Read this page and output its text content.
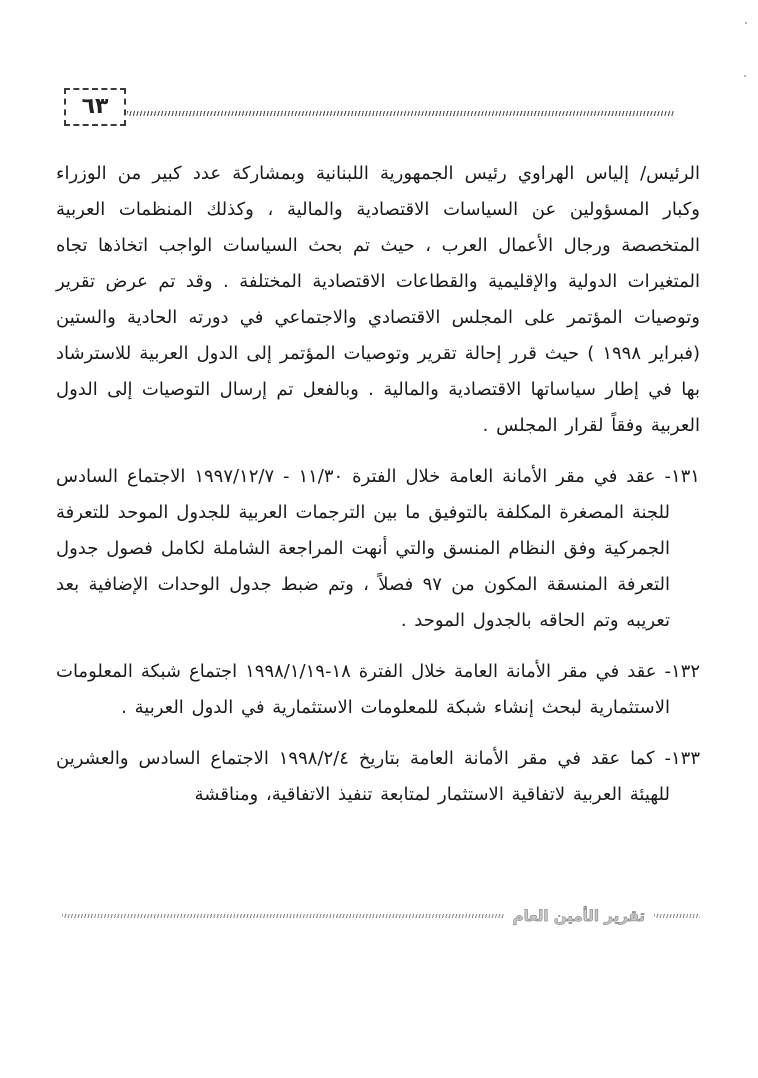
٦٣

الرئيس/ إلياس الهراوي رئيس الجمهورية اللبنانية وبمشاركة عدد كبير من الوزراء وكبار المسؤولين عن السياسات الاقتصادية والمالية ، وكذلك المنظمات العربية المتخصصة ورجال الأعمال العرب ، حيث تم بحث السياسات الواجب اتخاذها تجاه المتغيرات الدولية والإقليمية والقطاعات الاقتصادية المختلفة . وقد تم عرض تقرير وتوصيات المؤتمر على المجلس الاقتصادي والاجتماعي في دورته الحادية والستين (فبراير ١٩٩٨ ) حيث قرر إحالة تقرير وتوصيات المؤتمر إلى الدول العربية للاسترشاد بها في إطار سياساتها الاقتصادية والمالية . وبالفعل تم إرسال التوصيات إلى الدول العربية وفقاً لقرار المجلس .

١٣١- عقد في مقر الأمانة العامة خلال الفترة ١١/٣٠ - ١٩٩٧/١٢/٧ الاجتماع السادس للجنة المصغرة المكلفة بالتوفيق ما بين الترجمات العربية للجدول الموحد للتعرفة الجمركية وفق النظام المنسق والتي أنهت المراجعة الشاملة لكامل فصول جدول التعرفة المنسقة المكون من ٩٧ فصلاً ، وتم ضبط جدول الوحدات الإضافية بعد تعريبه وتم الحاقه بالجدول الموحد .

١٣٢- عقد في مقر الأمانة العامة خلال الفترة ١٨-١٩٩٨/١/١٩ اجتماع شبكة المعلومات الاستثمارية لبحث إنشاء شبكة للمعلومات الاستثمارية في الدول العربية .

١٣٣- كما عقد في مقر الأمانة العامة بتاريخ ١٩٩٨/٢/٤ الاجتماع السادس والعشرين للهيئة العربية لاتفاقية الاستثمار لمتابعة تنفيذ الاتفاقية، ومناقشة

تقرير الأمين العام
